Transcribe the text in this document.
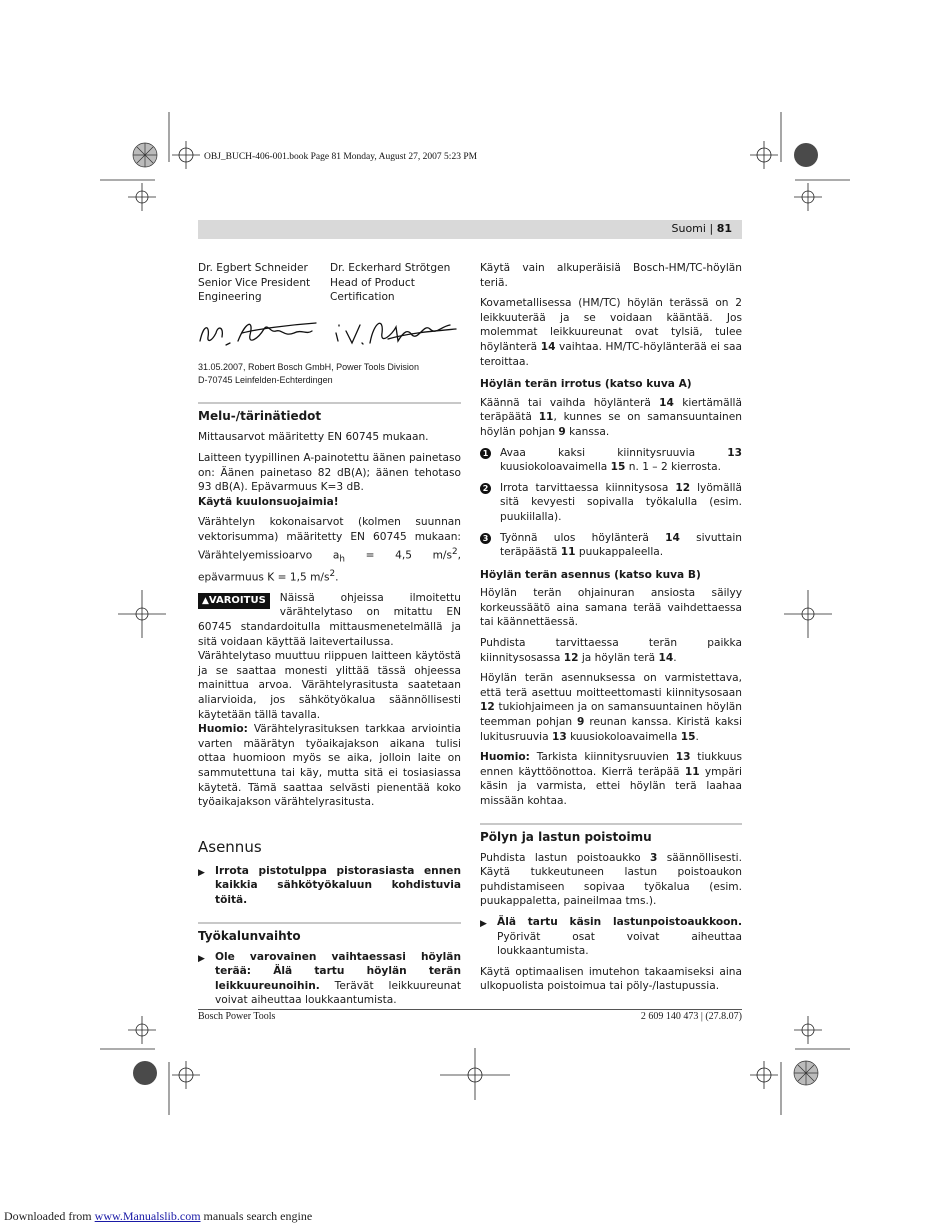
OBJ_BUCH-406-001.book Page 81 Monday, August 27, 2007 5:23 PM
Suomi | 81
Dr. Egbert Schneider
Senior Vice President
Engineering
Dr. Eckerhard Strötgen
Head of Product
Certification
31.05.2007, Robert Bosch GmbH, Power Tools Division
D-70745 Leinfelden-Echterdingen
Melu-/tärinätiedot

Mittausarvot määritetty EN 60745 mukaan.

Laitteen tyypillinen A-painotettu äänen painetaso on: Äänen painetaso 82 dB(A); äänen tehotaso 93 dB(A). Epävarmuus K=3 dB.
Käytä kuulonsuojaimia!

Värähtelyn kokonaisarvot (kolmen suunnan vektorisumma) määritetty EN 60745 mukaan: Värähtelyemissioarvo $a_h = 4,5$ $m/s^2$, epävarmuus K = 1,5 $m/s^2$.

▲VAROITUS	Näissä ohjeissa ilmoitettu värähtelytaso on mitattu EN 60745 standardoitulla mittausmenetelmällä ja sitä voidaan käyttää laitevertailussa.

Värähtelytaso muuttuu riippuen laitteen käytöstä ja se saattaa monesti ylittää tässä ohjeessa mainittua arvoa. Värähtelyrasitusta saatetaan aliarvioida, jos sähkötyökalua säännöllisesti käytetään tällä tavalla.

Huomio: Värähtelyrasituksen tarkkaa arviointia varten määrätyn työaikajakson aikana tulisi ottaa huomioon myös se aika, jolloin laite on sammutettuna tai käy, mutta sitä ei tosiasiassa käytetä. Tämä saattaa selvästi pienentää koko työaikajakson värähtelyrasitusta.

Asennus
▶ Irrota pistotulppa pistorasiasta ennen kaikkia sähkötyökaluun kohdistuvia töitä.
Työkalunvaihto
▶ Ole varovainen vaihtaessasi höylän terää: Älä tartu höylän terän leikkuureunoihin. Terävät leikkuureunat voivat aiheuttaa loukkaantumista.

Käytä vain alkuperäisiä Bosch-HM/TC-höylän teriä.

Kovametallisessa (HM/TC) höylän terässä on 2 leikkuuterää ja se voidaan kääntää. Jos molemmat leikkuureunat ovat tylsiä, tulee höylänterä 14 vaihtaa. HM/TC-höylänterää ei saa teroittaa.

Höylän terän irrotus (katso kuva A)

Käännä tai vaihda höylänterä 14 kiertämällä teräpäätä 11, kunnes se on samansuuntainen höylän pohjan 9 kanssa.

1 Avaa kaksi kiinnitysruuvia 13 kuusiokoloavaimella 15 n. 1 – 2 kierrosta.
2 Irrota tarvittaessa kiinnitysosa 12 lyömällä sitä kevyesti sopivalla työkalulla (esim. puukiilalla).
3 Työnnä ulos höylänterä 14 sivuttain teräpäästä 11 puukappaleella.
Höylän terän asennus (katso kuva B)

Höylän terän ohjainuran ansiosta säilyy korkeussäätö aina samana terää vaihdettaessa tai käännettäessä.

Puhdista tarvittaessa terän paikka kiinnitysosassa 12 ja höylän terä 14.

Höylän terän asennuksessa on varmistettava, että terä asettuu moitteettomasti kiinnitysosaan 12 tukiohjaimeen ja on samansuuntainen höylän teemman pohjan 9 reunan kanssa. Kiristä kaksi lukitusruuvia 13 kuusiokoloavaimella 15.

Huomio: Tarkista kiinnitysruuvien 13 tiukkuus ennen käyttöönottoa. Kierrä teräpää 11 ympäri käsin ja varmista, ettei höylän terä laahaa missään kohtaa.

Pölyn ja lastun poistoimu

Puhdista lastun poistoaukko 3 säännöllisesti. Käytä tukkeutuneen lastun poistoaukon puhdistamiseen sopivaa työkalua (esim. puukappaletta, paineilmaa tms.).

▶ Älä tartu käsin lastunpoistoaukkoon. Pyörivät osat voivat aiheuttaa loukkaantumista.

Käytä optimaalisen imutehon takaamiseksi aina ulkopuolista poistoimua tai pöly-/lastupussia.

Bosch Power Tools	2 609 140 473 | (27.8.07)
Downloaded from www.Manualslib.com manuals search engine
